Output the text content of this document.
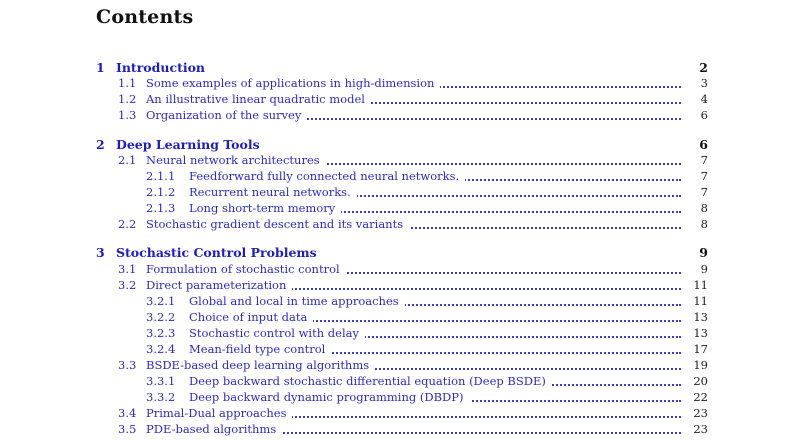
Contents
1 Introduction	2
1.1 Some examples of applications in high-dimension	3
1.2 An illustrative linear quadratic model	4
1.3 Organization of the survey	6
2 Deep Learning Tools	6
2.1 Neural network architectures	7
2.1.1 Feedforward fully connected neural networks.	7
2.1.2 Recurrent neural networks.	7
2.1.3 Long short-term memory	8
2.2 Stochastic gradient descent and its variants	8
3 Stochastic Control Problems	9
3.1 Formulation of stochastic control	9
3.2 Direct parameterization	11
3.2.1 Global and local in time approaches	11
3.2.2 Choice of input data	13
3.2.3 Stochastic control with delay	13
3.2.4 Mean-field type control	17
3.3 BSDE-based deep learning algorithms	19
3.3.1 Deep backward stochastic differential equation (Deep BSDE)	20
3.3.2 Deep backward dynamic programming (DBDP)	22
3.4 Primal-Dual approaches	23
3.5 PDE-based algorithms	23
